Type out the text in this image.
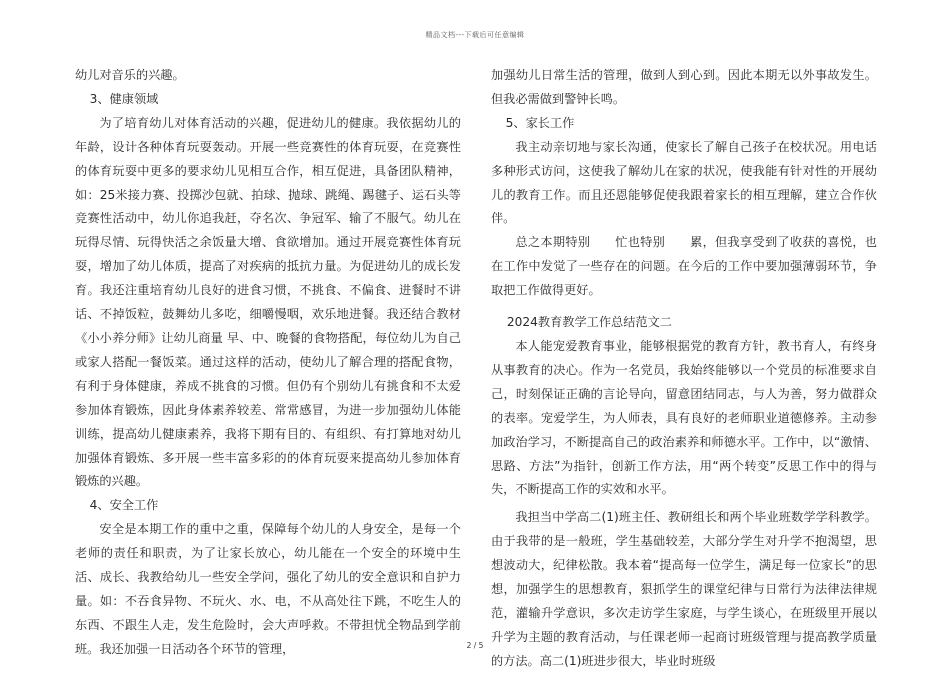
精品文档---下载后可任意编辑

幼儿对音乐的兴趣。

3、健康领域

为了培育幼儿对体育活动的兴趣，促进幼儿的健康。我依据幼儿的年龄，设计各种体育玩耍轰动。开展一些竞赛性的体育玩耍，在竞赛性的体育玩耍中更多的要求幼儿见相互合作，相互促进，具备团队精神，如：25米接力赛、投掷沙包就、拍球、抛球、跳绳、踢毽子、运石头等竞赛性活动中，幼儿你追我赶，夺名次、争冠军、输了不服气。幼儿在玩得尽情、玩得快活之余饭量大增、食欲增加。通过开展竞赛性体育玩耍，增加了幼儿体质，提高了对疾病的抵抗力量。为促进幼儿的成长发育。我还注重培育幼儿良好的进食习惯，不挑食、不偏食、进餐时不讲话、不掉饭粒，鼓舞幼儿多吃，细嚼慢咽，欢乐地进餐。我还结合教材《小小养分师》让幼儿商量 早、中、晚餐的食物搭配，每位幼儿为自己或家人搭配一餐饭菜。通过这样的活动，使幼儿了解合理的搭配食物，有利于身体健康，养成不挑食的习惯。但仍有个别幼儿有挑食和不太爱参加体育锻炼，因此身体素养较差、常常感冒，为进一步加强幼儿体能训练，提高幼儿健康素养，我将下期有目的、有组织、有打算地对幼儿加强体育锻炼、多开展一些丰富多彩的的体育玩耍来提高幼儿参加体育锻炼的兴趣。

4、安全工作

安全是本期工作的重中之重，保障每个幼儿的人身安全，是每一个老师的责任和职责，为了让家长放心，幼儿能在一个安全的环境中生活、成长、我教给幼儿一些安全学问，强化了幼儿的安全意识和自护力量。如：不吞食异物、不玩火、水、电，不从高处往下跳，不吃生人的东西、不跟生人走，发生危险时，会大声呼救。不带担忧全物品到学前班。我还加强一日活动各个环节的管理，

加强幼儿日常生活的管理，做到人到心到。因此本期无以外事故发生。但我必需做到警钟长鸣。

5、家长工作

我主动亲切地与家长沟通，使家长了解自己孩子在校状况。用电话多种形式访问，这使我了解幼儿在家的状况，使我能有针对性的开展幼儿的教育工作。而且还恩能够促使我跟着家长的相互理解，建立合作伙伴。

总之本期特别　　忙也特别　　累，但我享受到了收获的喜悦，也在工作中发觉了一些存在的问题。在今后的工作中要加强薄弱环节，争取把工作做得更好。

2024教育教学工作总结范文二

本人能宠爱教育事业，能够根据党的教育方针，教书育人，有终身从事教育的决心。作为一名党员，我始终能够以一个党员的标准要求自己，时刻保证正确的言论导向，留意团结同志，与人为善，努力做群众的表率。宠爱学生，为人师表，具有良好的老师职业道德修养。主动参加政治学习，不断提高自己的政治素养和师德水平。工作中，以“激情、思路、方法”为指针，创新工作方法，用“两个转变”反思工作中的得与失，不断提高工作的实效和水平。

我担当中学高二(1)班主任、教研组长和两个毕业班数学学科教学。由于我带的是一般班，学生基础较差，大部分学生对升学不抱渴望，思想波动大，纪律松散。我本着“提高每一位学生，满足每一位家长”的思想，加强学生的思想教育，狠抓学生的课堂纪律与日常行为法律法律规范，灌输升学意识，多次走访学生家庭，与学生谈心，在班级里开展以升学为主题的教育活动，与任课老师一起商讨班级管理与提高教学质量的方法。高二(1)班进步很大，毕业时班级

2 / 5
